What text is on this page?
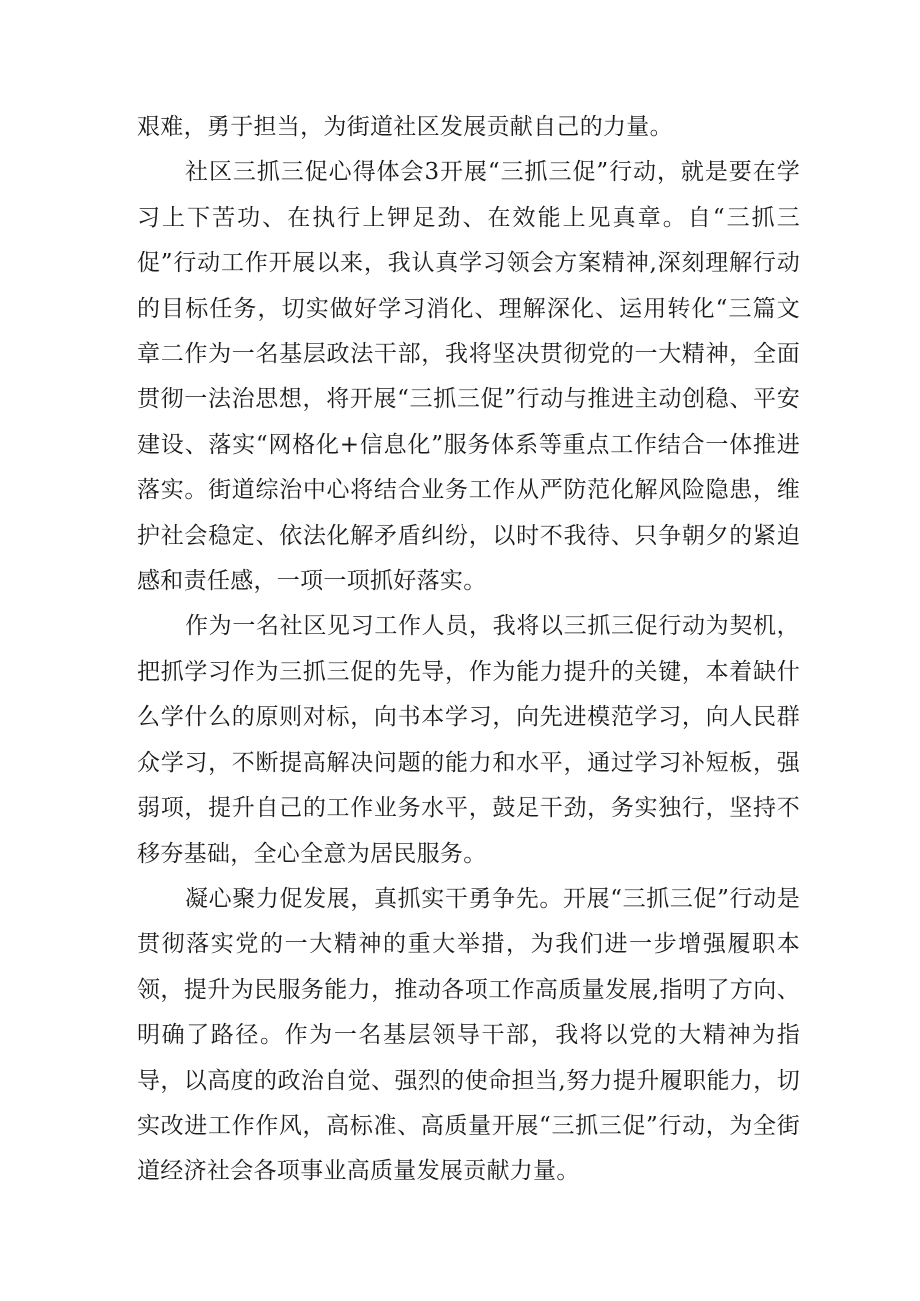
艰难，勇于担当，为街道社区发展贡献自己的力量。

社区三抓三促心得体会3开展“三抓三促”行动，就是要在学习上下苦功、在执行上钾足劲、在效能上见真章。自“三抓三促”行动工作开展以来，我认真学习领会方案精神,深刻理解行动的目标任务，切实做好学习消化、理解深化、运用转化“三篇文章二作为一名基层政法干部，我将坚决贯彻党的一大精神，全面贯彻一法治思想，将开展“三抓三促”行动与推进主动创稳、平安建设、落实“网格化+信息化”服务体系等重点工作结合一体推进落实。街道综治中心将结合业务工作从严防范化解风险隐患，维护社会稳定、依法化解矛盾纠纷，以时不我待、只争朝夕的紧迫感和责任感，一项一项抓好落实。

作为一名社区见习工作人员，我将以三抓三促行动为契机，把抓学习作为三抓三促的先导，作为能力提升的关键，本着缺什么学什么的原则对标，向书本学习，向先进模范学习，向人民群众学习，不断提高解决问题的能力和水平，通过学习补短板，强弱项，提升自己的工作业务水平，鼓足干劲，务实独行，坚持不移夯基础，全心全意为居民服务。

凝心聚力促发展，真抓实干勇争先。开展“三抓三促”行动是贯彻落实党的一大精神的重大举措，为我们进一步增强履职本领，提升为民服务能力，推动各项工作高质量发展,指明了方向、明确了路径。作为一名基层领导干部，我将以党的大精神为指导，以高度的政治自觉、强烈的使命担当,努力提升履职能力，切实改进工作作风，高标准、高质量开展“三抓三促”行动，为全街道经济社会各项事业高质量发展贡献力量。
